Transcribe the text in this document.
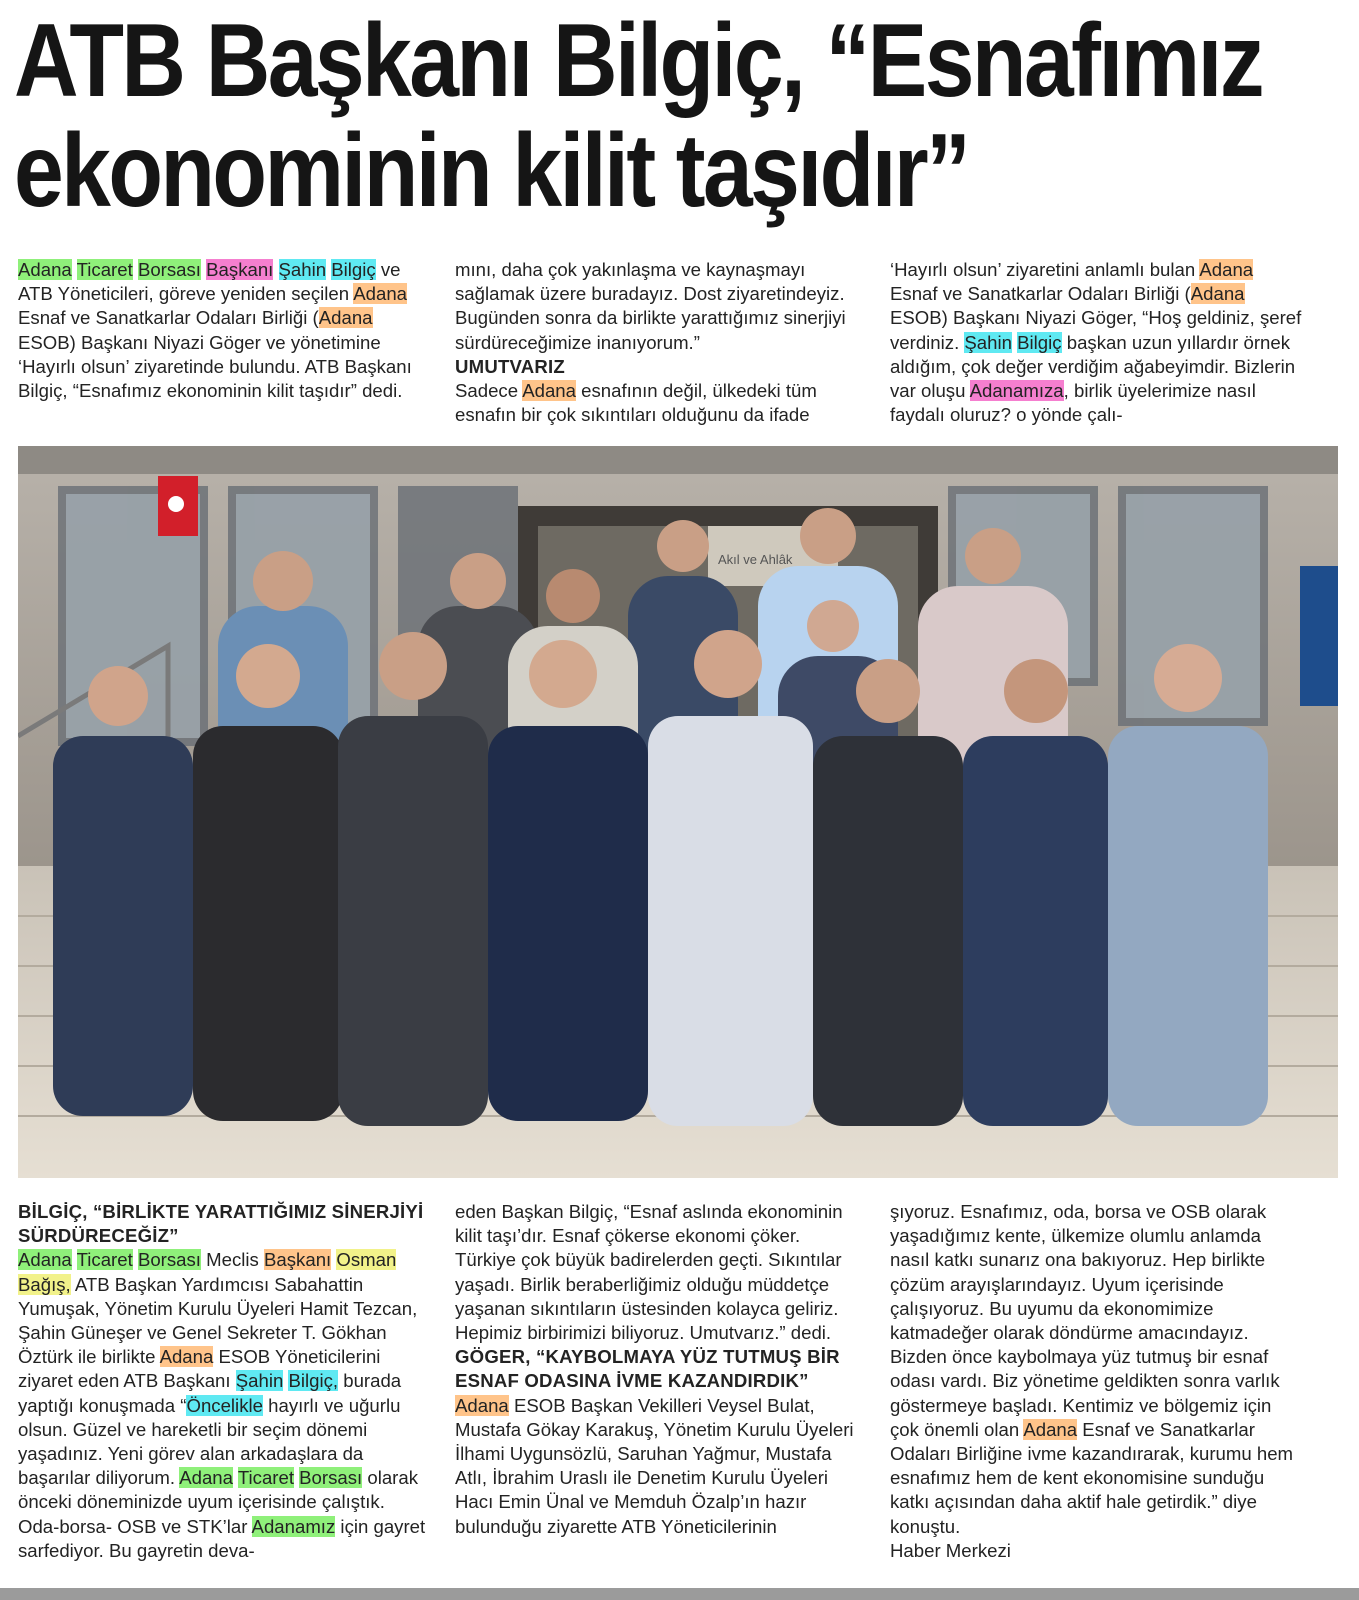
ATB Başkanı Bilgiç, “Esnafımız
ekonominin kilit taşıdır”

Adana Ticaret Borsası Başkanı Şahin Bilgiç ve ATB Yöneticileri, göreve yeniden seçilen Adana Esnaf ve Sanatkarlar Odaları Birliği (Adana ESOB) Başkanı Niyazi Göger ve yönetimine ‘Hayırlı olsun’ ziyaretinde bulundu. ATB Başkanı Bilgiç, “Esnafımız ekonominin kilit taşıdır” dedi.

mını, daha çok yakınlaşma ve kaynaşmayı sağlamak üzere buradayız. Dost ziyaretindeyiz. Bugünden sonra da birlikte yarattığımız sinerjiyi sürdüreceğimize inanıyorum.”

UMUTVARIZ

Sadece Adana esnafının değil, ülkedeki tüm esnafın bir çok sıkıntıları olduğunu da ifade

‘Hayırlı olsun’ ziyaretini anlamlı bulan Adana Esnaf ve Sanatkarlar Odaları Birliği (Adana ESOB) Başkanı Niyazi Göger, “Hoş geldiniz, şeref verdiniz. Şahin Bilgiç başkan uzun yıllardır örnek aldığım, çok değer verdiğim ağabeyimdir. Bizlerin var oluşu Adanamıza, birlik üyelerimize nasıl faydalı oluruz? o yönde çalı-

Akıl ve Ahlâk

BİLGİÇ, “BİRLİKTE YARATTIĞIMIZ SİNERJİYİ SÜRDÜRECEĞİZ”

Adana Ticaret Borsası Meclis Başkanı Osman Bağış, ATB Başkan Yardımcısı Sabahattin Yumuşak, Yönetim Kurulu Üyeleri Hamit Tezcan, Şahin Güneşer ve Genel Sekreter T. Gökhan Öztürk ile birlikte Adana ESOB Yöneticilerini ziyaret eden ATB Başkanı Şahin Bilgiç, burada yaptığı konuşmada “Öncelikle hayırlı ve uğurlu olsun. Güzel ve hareketli bir seçim dönemi yaşadınız. Yeni görev alan arkadaşlara da başarılar diliyorum. Adana Ticaret Borsası olarak önceki döneminizde uyum içerisinde çalıştık. Oda-borsa- OSB ve STK’lar Adanamız için gayret sarfediyor. Bu gayretin deva-

eden Başkan Bilgiç, “Esnaf aslında ekonominin kilit taşı’dır. Esnaf çökerse ekonomi çöker. Türkiye çok büyük badirelerden geçti. Sıkıntılar yaşadı. Birlik beraberliğimiz olduğu müddetçe yaşanan sıkıntıların üstesinden kolayca geliriz. Hepimiz birbirimizi biliyoruz. Umutvarız.” dedi.

GÖGER, “KAYBOLMAYA YÜZ TUTMUŞ BİR ESNAF ODASINA İVME KAZANDIRDIK”

Adana ESOB Başkan Vekilleri Veysel Bulat, Mustafa Gökay Karakuş, Yönetim Kurulu Üyeleri İlhami Uygunsözlü, Saruhan Yağmur, Mustafa Atlı, İbrahim Uraslı ile Denetim Kurulu Üyeleri Hacı Emin Ünal ve Memduh Özalp’ın hazır bulunduğu ziyarette ATB Yöneticilerinin

şıyoruz. Esnafımız, oda, borsa ve OSB olarak yaşadığımız kente, ülkemize olumlu anlamda nasıl katkı sunarız ona bakıyoruz. Hep birlikte çözüm arayışlarındayız. Uyum içerisinde çalışıyoruz. Bu uyumu da ekonomimize katmadeğer olarak döndürme amacındayız. Bizden önce kaybolmaya yüz tutmuş bir esnaf odası vardı. Biz yönetime geldikten sonra varlık göstermeye başladı. Kentimiz ve bölgemiz için çok önemli olan Adana Esnaf ve Sanatkarlar Odaları Birliğine ivme kazandırarak, kurumu hem esnafımız hem de kent ekonomisine sunduğu katkı açısından daha aktif hale getirdik.” diye konuştu.

Haber Merkezi
